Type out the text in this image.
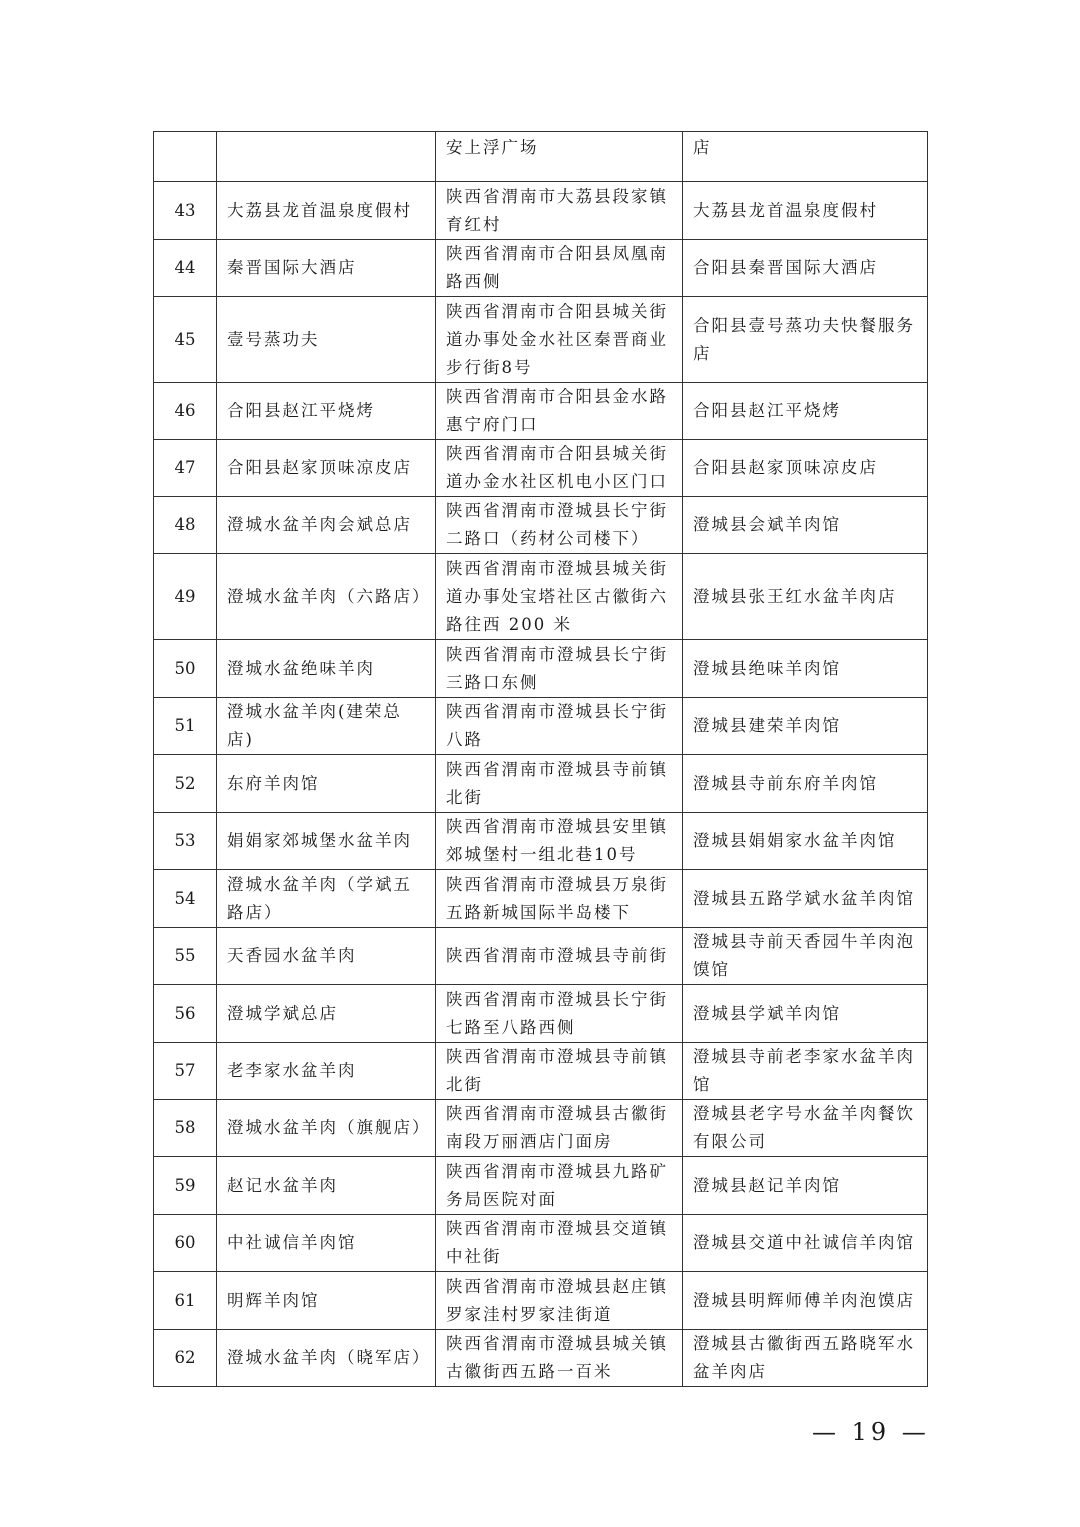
		安上浮广场	店
43	大荔县龙首温泉度假村	陕西省渭南市大荔县段家镇育红村	大荔县龙首温泉度假村
44	秦晋国际大酒店	陕西省渭南市合阳县凤凰南路西侧	合阳县秦晋国际大酒店
45	壹号蒸功夫	陕西省渭南市合阳县城关街道办事处金水社区秦晋商业步行街8号	合阳县壹号蒸功夫快餐服务店
46	合阳县赵江平烧烤	陕西省渭南市合阳县金水路惠宁府门口	合阳县赵江平烧烤
47	合阳县赵家顶味凉皮店	陕西省渭南市合阳县城关街道办金水社区机电小区门口	合阳县赵家顶味凉皮店
48	澄城水盆羊肉会斌总店	陕西省渭南市澄城县长宁街二路口（药材公司楼下）	澄城县会斌羊肉馆
49	澄城水盆羊肉（六路店）	陕西省渭南市澄城县城关街道办事处宝塔社区古徽街六路往西 200 米	澄城县张王红水盆羊肉店
50	澄城水盆绝味羊肉	陕西省渭南市澄城县长宁街三路口东侧	澄城县绝味羊肉馆
51	澄城水盆羊肉(建荣总店)	陕西省渭南市澄城县长宁街八路	澄城县建荣羊肉馆
52	东府羊肉馆	陕西省渭南市澄城县寺前镇北街	澄城县寺前东府羊肉馆
53	娟娟家郊城堡水盆羊肉	陕西省渭南市澄城县安里镇郊城堡村一组北巷10号	澄城县娟娟家水盆羊肉馆
54	澄城水盆羊肉（学斌五路店）	陕西省渭南市澄城县万泉街五路新城国际半岛楼下	澄城县五路学斌水盆羊肉馆
55	天香园水盆羊肉	陕西省渭南市澄城县寺前街	澄城县寺前天香园牛羊肉泡馍馆
56	澄城学斌总店	陕西省渭南市澄城县长宁街七路至八路西侧	澄城县学斌羊肉馆
57	老李家水盆羊肉	陕西省渭南市澄城县寺前镇北街	澄城县寺前老李家水盆羊肉馆
58	澄城水盆羊肉（旗舰店）	陕西省渭南市澄城县古徽街南段万丽酒店门面房	澄城县老字号水盆羊肉餐饮有限公司
59	赵记水盆羊肉	陕西省渭南市澄城县九路矿务局医院对面	澄城县赵记羊肉馆
60	中社诚信羊肉馆	陕西省渭南市澄城县交道镇中社街	澄城县交道中社诚信羊肉馆
61	明辉羊肉馆	陕西省渭南市澄城县赵庄镇罗家洼村罗家洼街道	澄城县明辉师傅羊肉泡馍店
62	澄城水盆羊肉（晓军店）	陕西省渭南市澄城县城关镇古徽街西五路一百米	澄城县古徽街西五路晓军水盆羊肉店
— 19 —
